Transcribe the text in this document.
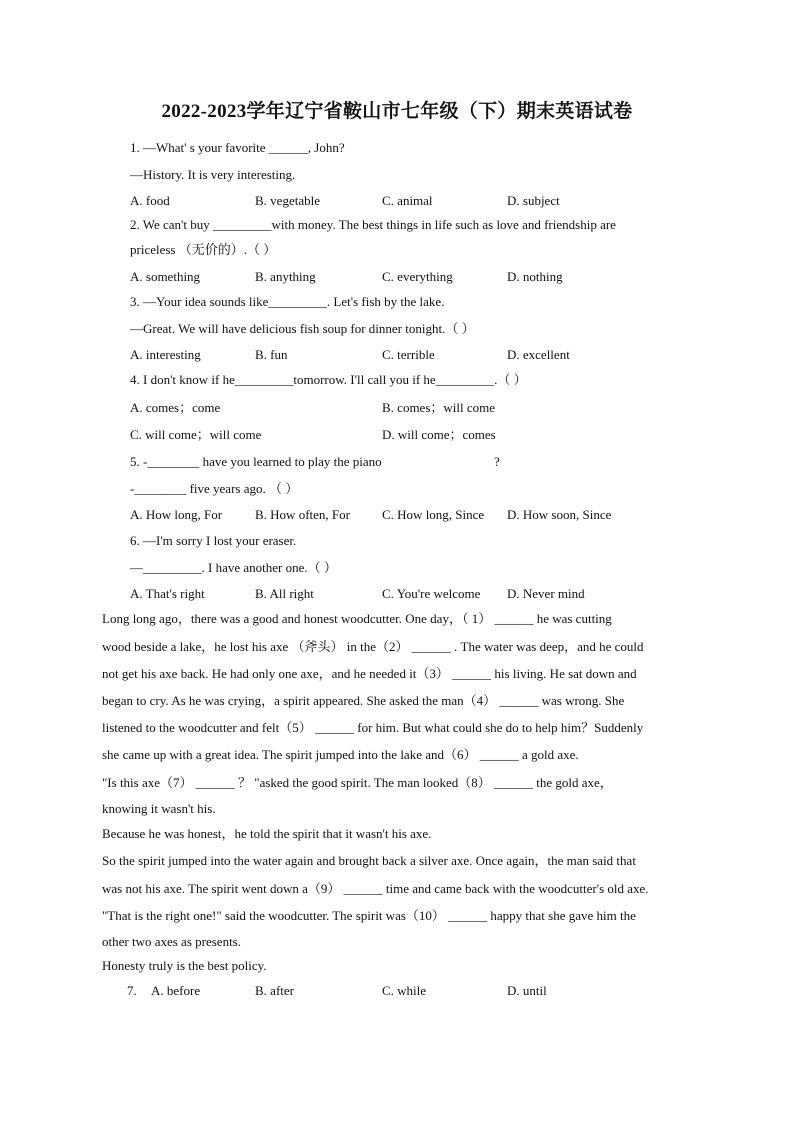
2022-2023学年辽宁省鞍山市七年级（下）期末英语试卷
1. —What' s your favorite ______, John?
—History. It is very interesting.
A. food	B. vegetable	C. animal	D. subject
2. We can't buy _________with money. The best things in life such as love and friendship are
priceless （无价的）.（ ）
A. something	B. anything	C. everything	D. nothing
3. —Your idea sounds like_________. Let's fish by the lake.
—Great. We will have delicious fish soup for dinner tonight.（ ）
A. interesting	B. fun	C. terrible	D. excellent
4. I don't know if he_________tomorrow. I'll call you if he_________.（ ）
A. comes；come	B. comes；will come
C. will come；will come	D. will come；comes
5. -________ have you learned to play the piano	?
-________ five years ago. （ ）
A. How long, For	B. How often, For C. How long, Since D. How soon, Since
6. —I'm sorry I lost your eraser.
—_________. I have another one.（ ）
A. That's right	B. All right	C. You're welcome D. Never mind
Long long ago，there was a good and honest woodcutter. One day，（ 1） ______ he was cutting
wood beside a lake，he lost his axe （斧头） in the（2） ______ . The water was deep，and he could
not get his axe back. He had only one axe，and he needed it（3） ______ his living. He sat down and
began to cry. As he was crying，a spirit appeared. She asked the man（4） ______ was wrong. She
listened to the woodcutter and felt（5） ______ for him. But what could she do to help him？Suddenly
she came up with a great idea. The spirit jumped into the lake and（6） ______ a gold axe.
"Is this axe（7） ______ ？ "asked the good spirit. The man looked（8） ______ the gold axe，
knowing it wasn't his.
Because he was honest，he told the spirit that it wasn't his axe.
So the spirit jumped into the water again and brought back a silver axe. Once again，the man said that
was not his axe. The spirit went down a（9） ______ time and came back with the woodcutter's old axe.
"That is the right one!" said the woodcutter. The spirit was（10） ______ happy that she gave him the
other two axes as presents.
Honesty truly is the best policy.
7. A. before	B. after	C. while	D. until
